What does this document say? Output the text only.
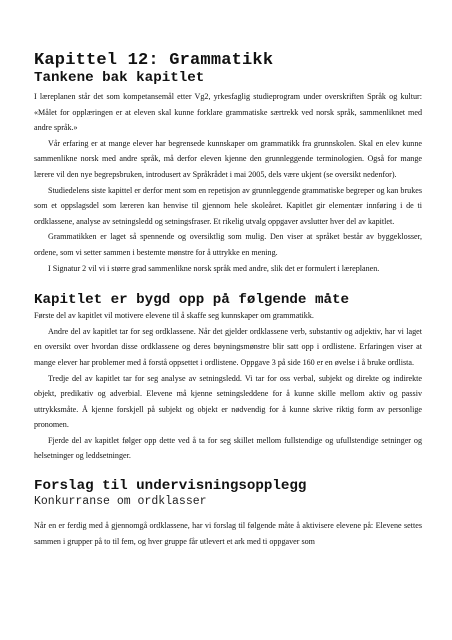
Kapittel 12: Grammatikk
Tankene bak kapitlet

I læreplanen står det som kompetansemål etter Vg2, yrkesfaglig studieprogram under overskriften Språk og kultur: «Målet for opplæringen er at eleven skal kunne forklare grammatiske særtrekk ved norsk språk, sammenliknet med andre språk.»

Vår erfaring er at mange elever har begrensede kunnskaper om grammatikk fra grunnskolen. Skal en elev kunne sammenlikne norsk med andre språk, må derfor eleven kjenne den grunnleggende terminologien. Også for mange lærere vil den nye begrepsbruken, introdusert av Språkrådet i mai 2005, dels være ukjent (se oversikt nedenfor).

Studiedelens siste kapittel er derfor ment som en repetisjon av grunnleggende grammatiske begreper og kan brukes som et oppslagsdel som læreren kan henvise til gjennom hele skoleåret. Kapitlet gir elementær innføring i de ti ordklassene, analyse av setningsledd og setningsfraser. Et rikelig utvalg oppgaver avslutter hver del av kapitlet.

Grammatikken er laget så spennende og oversiktlig som mulig. Den viser at språket består av byggeklosser, ordene, som vi setter sammen i bestemte mønstre for å uttrykke en mening.

I Signatur 2 vil vi i større grad sammenlikne norsk språk med andre, slik det er formulert i læreplanen.

Kapitlet er bygd opp på følgende måte

Første del av kapitlet vil motivere elevene til å skaffe seg kunnskaper om grammatikk.

Andre del av kapitlet tar for seg ordklassene. Når det gjelder ordklassene verb, substantiv og adjektiv, har vi laget en oversikt over hvordan disse ordklassene og deres bøyningsmønstre blir satt opp i ordlistene. Erfaringen viser at mange elever har problemer med å forstå oppsettet i ordlistene. Oppgave 3 på side 160 er en øvelse i å bruke ordlista.

Tredje del av kapitlet tar for seg analyse av setningsledd. Vi tar for oss verbal, subjekt og direkte og indirekte objekt, predikativ og adverbial. Elevene må kjenne setningsleddene for å kunne skille mellom aktiv og passiv uttrykksmåte. Å kjenne forskjell på subjekt og objekt er nødvendig for å kunne skrive riktig form av personlige pronomen.

Fjerde del av kapitlet følger opp dette ved å ta for seg skillet mellom fullstendige og ufullstendige setninger og helsetninger og leddsetninger.

Forslag til undervisningsopplegg
Konkurranse om ordklasser

Når en er ferdig med å gjennomgå ordklassene, har vi forslag til følgende måte å aktivisere elevene på: Elevene settes sammen i grupper på to til fem, og hver gruppe får utlevert et ark med ti oppgaver som
